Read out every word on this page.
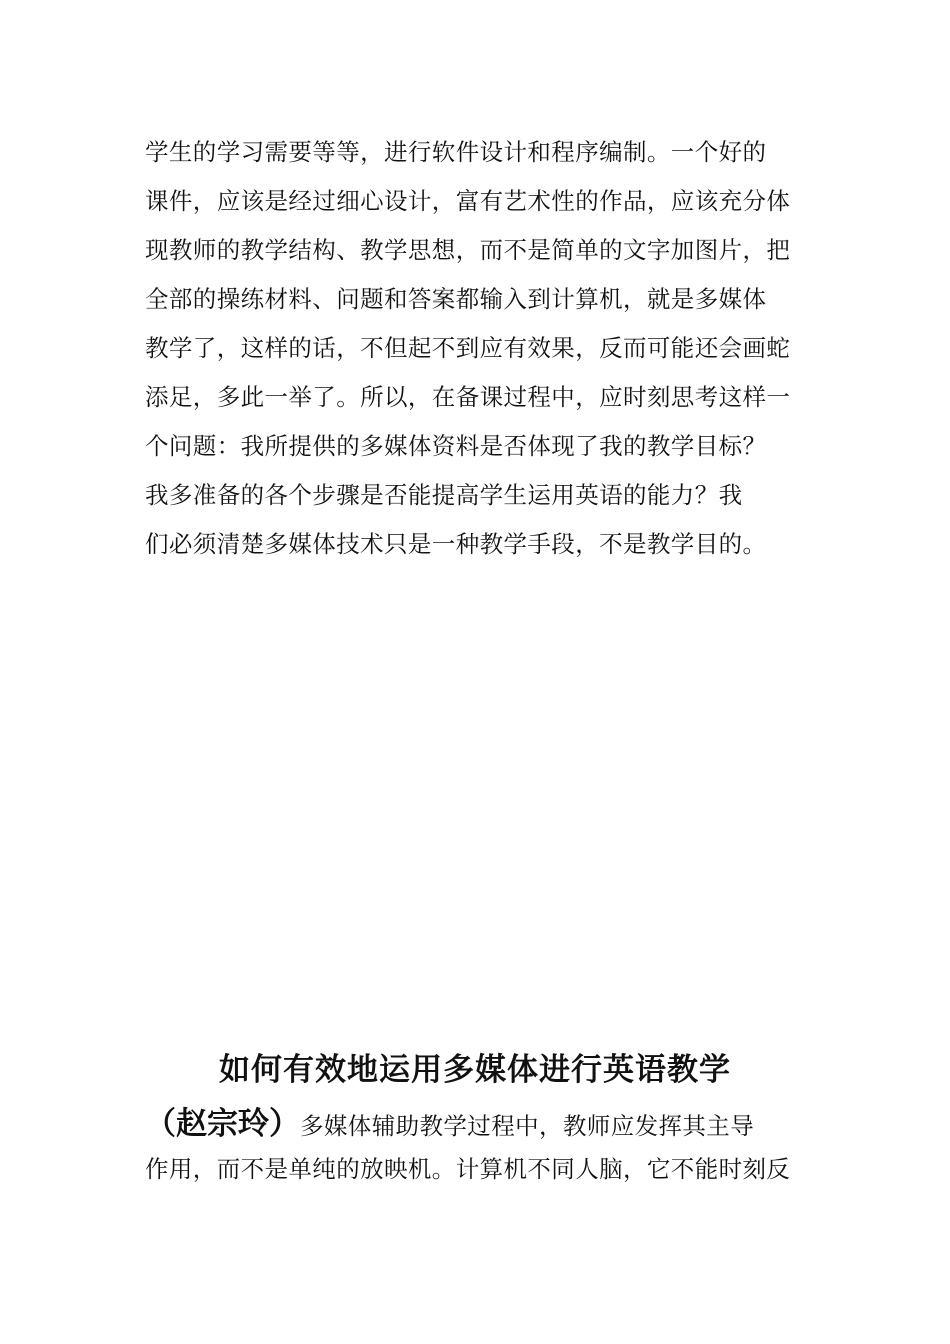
学生的学习需要等等，进行软件设计和程序编制。一个好的
课件，应该是经过细心设计，富有艺术性的作品，应该充分体
现教师的教学结构、教学思想，而不是简单的文字加图片，把
全部的操练材料、问题和答案都输入到计算机，就是多媒体
教学了，这样的话，不但起不到应有效果，反而可能还会画蛇
添足，多此一举了。所以，在备课过程中，应时刻思考这样一
个问题：我所提供的多媒体资料是否体现了我的教学目标？
我多准备的各个步骤是否能提高学生运用英语的能力？我
们必须清楚多媒体技术只是一种教学手段，不是教学目的。
如何有效地运用多媒体进行英语教学
（赵宗玲）多媒体辅助教学过程中，教师应发挥其主导
作用，而不是单纯的放映机。计算机不同人脑，它不能时刻反
